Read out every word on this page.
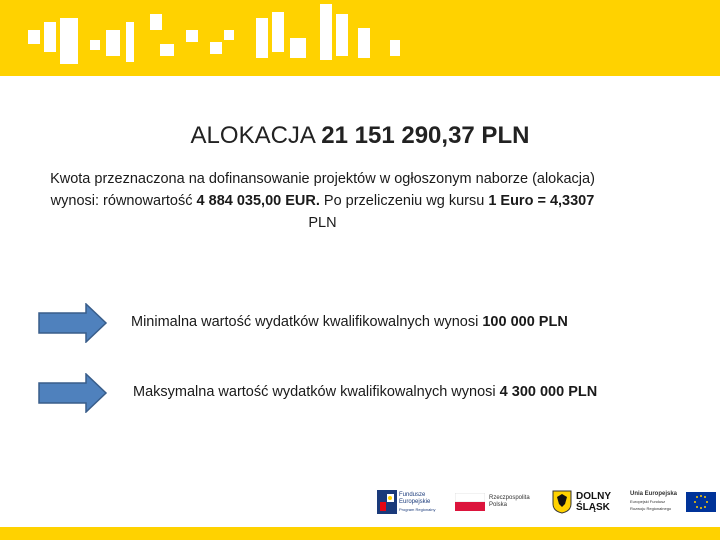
ALOKACJA 21 151 290,37 PLN
Kwota przeznaczona na dofinansowanie projektów w ogłoszonym naborze (alokacja) wynosi: równowartość 4 884 035,00 EUR. Po przeliczeniu wg kursu 1 Euro = 4,3307 PLN
Minimalna wartość wydatków kwalifikowalnych wynosi 100 000 PLN
Maksymalna wartość wydatków kwalifikowalnych wynosi 4 300 000 PLN
Fundusze
Europejskie
Program Regionalny
Rzeczpospolita
Polska
DOLNY
ŚLĄSK
Unia Europejska
Europejski Fundusz
Rozwoju Regionalnego
